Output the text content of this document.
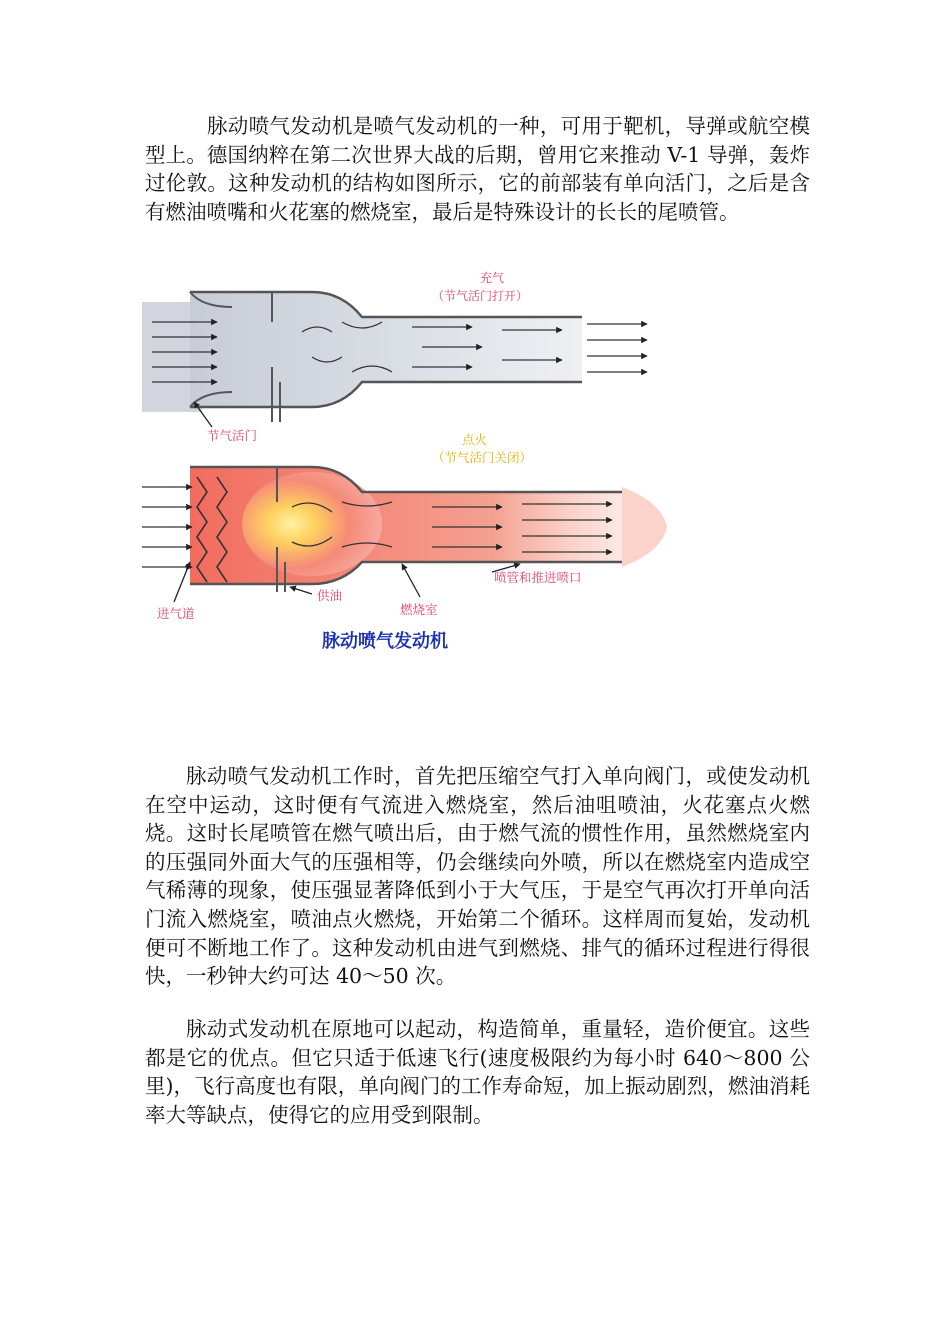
脉动喷气发动机是喷气发动机的一种，可用于靶机，导弹或航空模型上。德国纳粹在第二次世界大战的后期，曾用它来推动 V-1 导弹，轰炸过伦敦。这种发动机的结构如图所示，它的前部装有单向活门，之后是含有燃油喷嘴和火花塞的燃烧室，最后是特殊设计的长长的尾喷管。

充气
（节气活门打开）
节气活门	点火
（节气活门关闭）
进气道
供油
燃烧室
喷管和推进喷口
脉动喷气发动机

脉动喷气发动机工作时，首先把压缩空气打入单向阀门，或使发动机在空中运动，这时便有气流进入燃烧室，然后油咀喷油，火花塞点火燃烧。这时长尾喷管在燃气喷出后，由于燃气流的惯性作用，虽然燃烧室内的压强同外面大气的压强相等，仍会继续向外喷，所以在燃烧室内造成空气稀薄的现象，使压强显著降低到小于大气压，于是空气再次打开单向活门流入燃烧室，喷油点火燃烧，开始第二个循环。这样周而复始，发动机便可不断地工作了。这种发动机由进气到燃烧、排气的循环过程进行得很快，一秒钟大约可达 40～50 次。

脉动式发动机在原地可以起动，构造简单，重量轻，造价便宜。这些都是它的优点。但它只适于低速飞行(速度极限约为每小时 640～800 公里)，飞行高度也有限，单向阀门的工作寿命短，加上振动剧烈，燃油消耗率大等缺点，使得它的应用受到限制。
